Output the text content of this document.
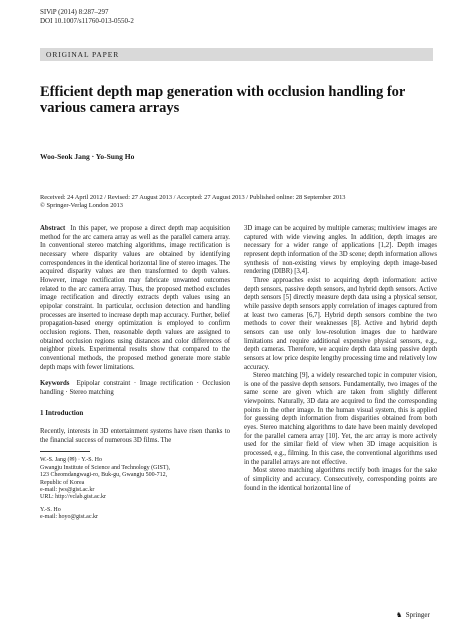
SIViP (2014) 8:287–297
DOI 10.1007/s11760-013-0550-2
ORIGINAL PAPER
Efficient depth map generation with occlusion handling for various camera arrays
Woo-Seok Jang · Yo-Sung Ho
Received: 24 April 2012 / Revised: 27 August 2013 / Accepted: 27 August 2013 / Published online: 28 September 2013
© Springer-Verlag London 2013

Abstract In this paper, we propose a direct depth map acquisition method for the arc camera array as well as the parallel camera array. In conventional stereo matching algorithms, image rectification is necessary where disparity values are obtained by identifying correspondences in the identical horizontal line of stereo images. The acquired disparity values are then transformed to depth values. However, image rectification may fabricate unwanted outcomes related to the arc camera array. Thus, the proposed method excludes image rectification and directly extracts depth values using an epipolar constraint. In particular, occlusion detection and handling processes are inserted to increase depth map accuracy. Further, belief propagation-based energy optimization is employed to confirm occlusion regions. Then, reasonable depth values are assigned to obtained occlusion regions using distances and color differences of neighbor pixels. Experimental results show that compared to the conventional methods, the proposed method generate more stable depth maps with fewer limitations.

Keywords Epipolar constraint · Image rectification · Occlusion handling · Stereo matching

1 Introduction

Recently, interests in 3D entertainment systems have risen thanks to the financial success of numerous 3D films. The

W.-S. Jang (✉) · Y.-S. Ho
Gwangju Institute of Science and Technology (GIST),
123 Cheomdangwagi-ro, Buk-gu, Gwangju 500-712,
Republic of Korea
e-mail: jws@gist.ac.kr
URL: http://vclab.gist.ac.kr
Y.-S. Ho
e-mail: hoyo@gist.ac.kr

3D image can be acquired by multiple cameras; multiview images are captured with wide viewing angles. In addition, depth images are necessary for a wider range of applications [1,2]. Depth images represent depth information of the 3D scene; depth information allows synthesis of non-existing views by employing depth image-based rendering (DIBR) [3,4].

Three approaches exist to acquiring depth information: active depth sensors, passive depth sensors, and hybrid depth sensors. Active depth sensors [5] directly measure depth data using a physical sensor, while passive depth sensors apply correlation of images captured from at least two cameras [6,7]. Hybrid depth sensors combine the two methods to cover their weaknesses [8]. Active and hybrid depth sensors can use only low-resolution images due to hardware limitations and require additional expensive physical sensors, e.g., depth cameras. Therefore, we acquire depth data using passive depth sensors at low price despite lengthy processing time and relatively low accuracy.

Stereo matching [9], a widely researched topic in computer vision, is one of the passive depth sensors. Fundamentally, two images of the same scene are given which are taken from slightly different viewpoints. Naturally, 3D data are acquired to find the corresponding points in the other image. In the human visual system, this is applied for guessing depth information from disparities obtained from both eyes. Stereo matching algorithms to date have been mainly developed for the parallel camera array [10]. Yet, the arc array is more actively used for the similar field of view when 3D image acquisition is processed, e.g., filming. In this case, the conventional algorithms used in the parallel arrays are not effective.

Most stereo matching algorithms rectify both images for the sake of simplicity and accuracy. Consecutively, corresponding points are found in the identical horizontal line of

♞ Springer
